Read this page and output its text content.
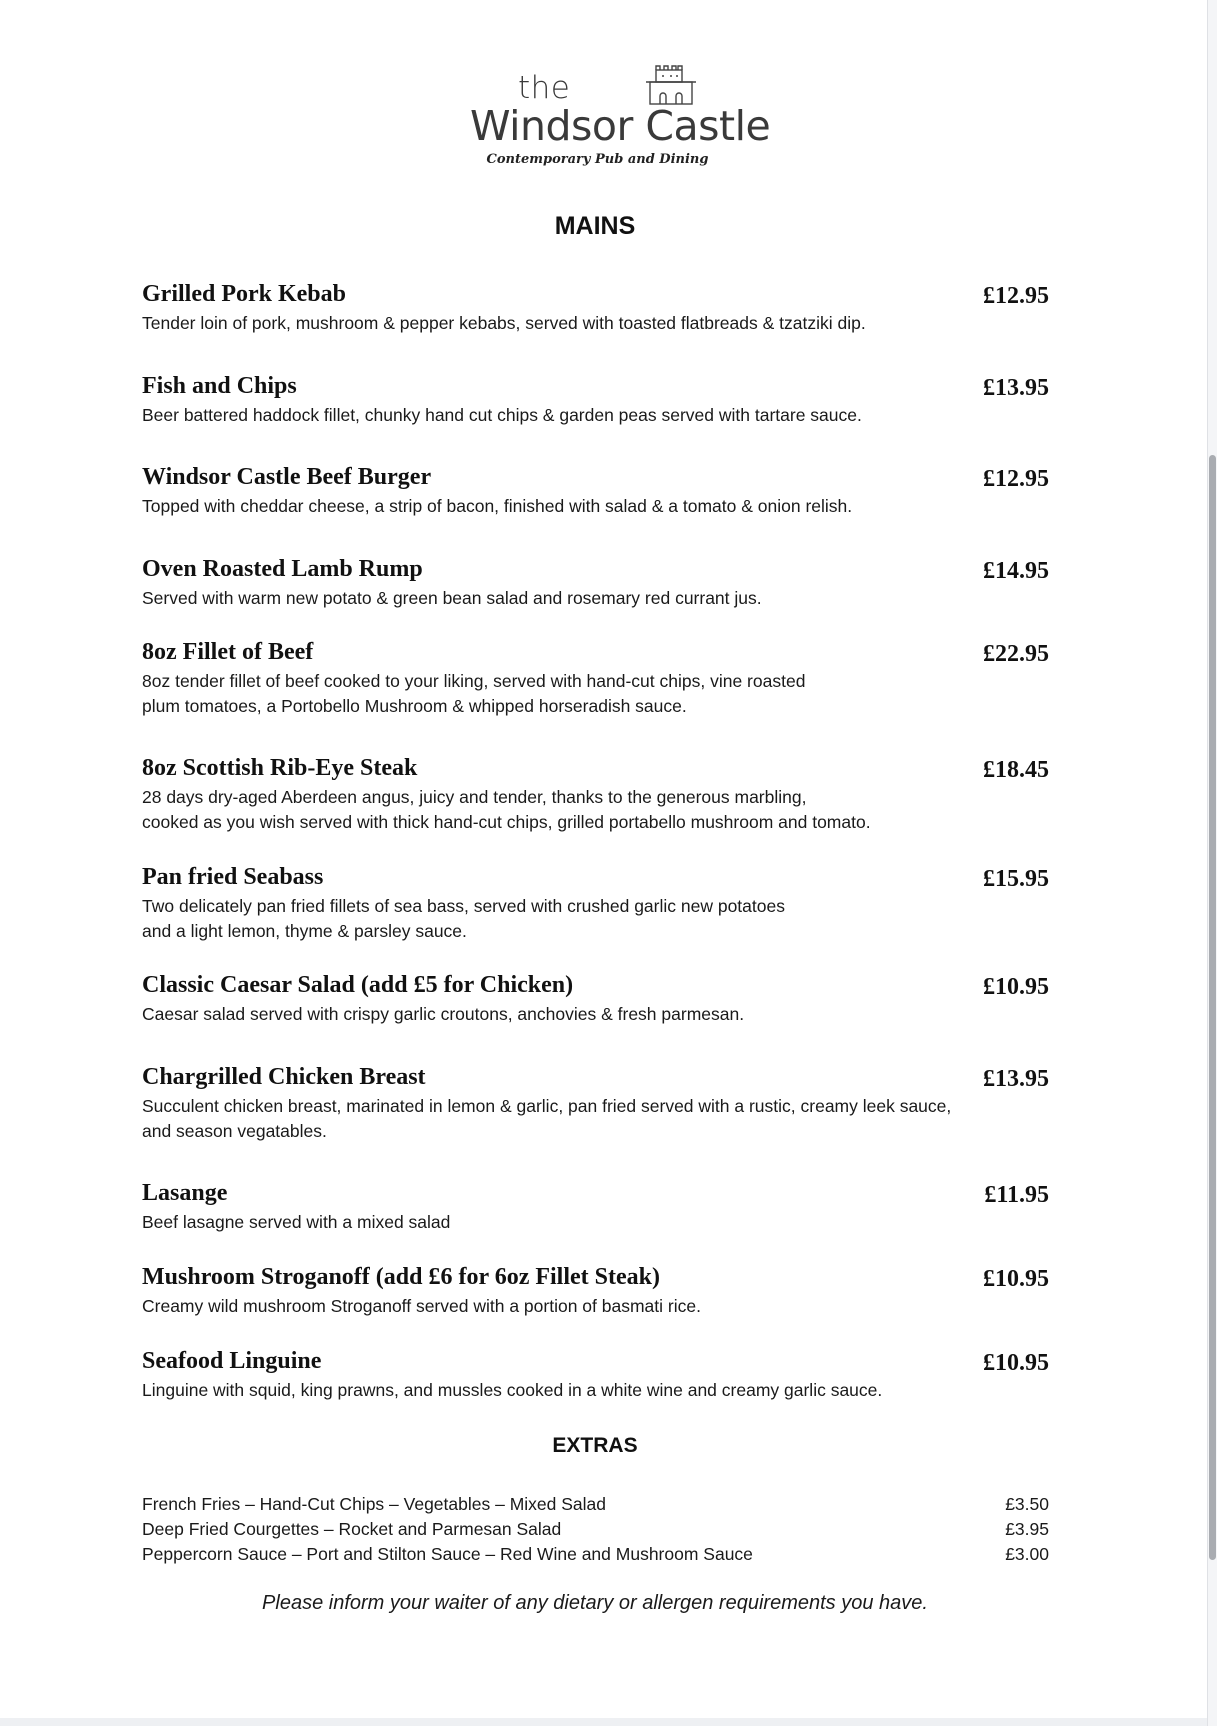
the
Windsor Castle
Contemporary Pub and Dining
MAINS
Grilled Pork Kebab	£12.95
Tender loin of pork, mushroom & pepper kebabs, served with toasted flatbreads & tzatziki dip.
Fish and Chips	£13.95
Beer battered haddock fillet, chunky hand cut chips & garden peas served with tartare sauce.
Windsor Castle Beef Burger	£12.95
Topped with cheddar cheese, a strip of bacon, finished with salad & a tomato & onion relish.
Oven Roasted Lamb Rump	£14.95
Served with warm new potato & green bean salad and rosemary red currant jus.
8oz Fillet of Beef	£22.95
8oz tender fillet of beef cooked to your liking, served with hand-cut chips, vine roasted
plum tomatoes, a Portobello Mushroom & whipped horseradish sauce.
8oz Scottish Rib-Eye Steak	£18.45
28 days dry-aged Aberdeen angus, juicy and tender, thanks to the generous marbling,
cooked as you wish served with thick hand-cut chips, grilled portabello mushroom and tomato.
Pan fried Seabass	£15.95
Two delicately pan fried fillets of sea bass, served with crushed garlic new potatoes
and a light lemon, thyme & parsley sauce.
Classic Caesar Salad (add £5 for Chicken)	£10.95
Caesar salad served with crispy garlic croutons, anchovies & fresh parmesan.
Chargrilled Chicken Breast	£13.95
Succulent chicken breast, marinated in lemon & garlic, pan fried served with a rustic, creamy leek sauce,
and season vegatables.
Lasange	£11.95
Beef lasagne served with a mixed salad
Mushroom Stroganoff (add £6 for 6oz Fillet Steak)	£10.95
Creamy wild mushroom Stroganoff served with a portion of basmati rice.
Seafood Linguine	£10.95
Linguine with squid, king prawns, and mussles cooked in a white wine and creamy garlic sauce.
EXTRAS
French Fries – Hand-Cut Chips – Vegetables – Mixed Salad	£3.50
Deep Fried Courgettes – Rocket and Parmesan Salad	£3.95
Peppercorn Sauce – Port and Stilton Sauce – Red Wine and Mushroom Sauce	£3.00
Please inform your waiter of any dietary or allergen requirements you have.
